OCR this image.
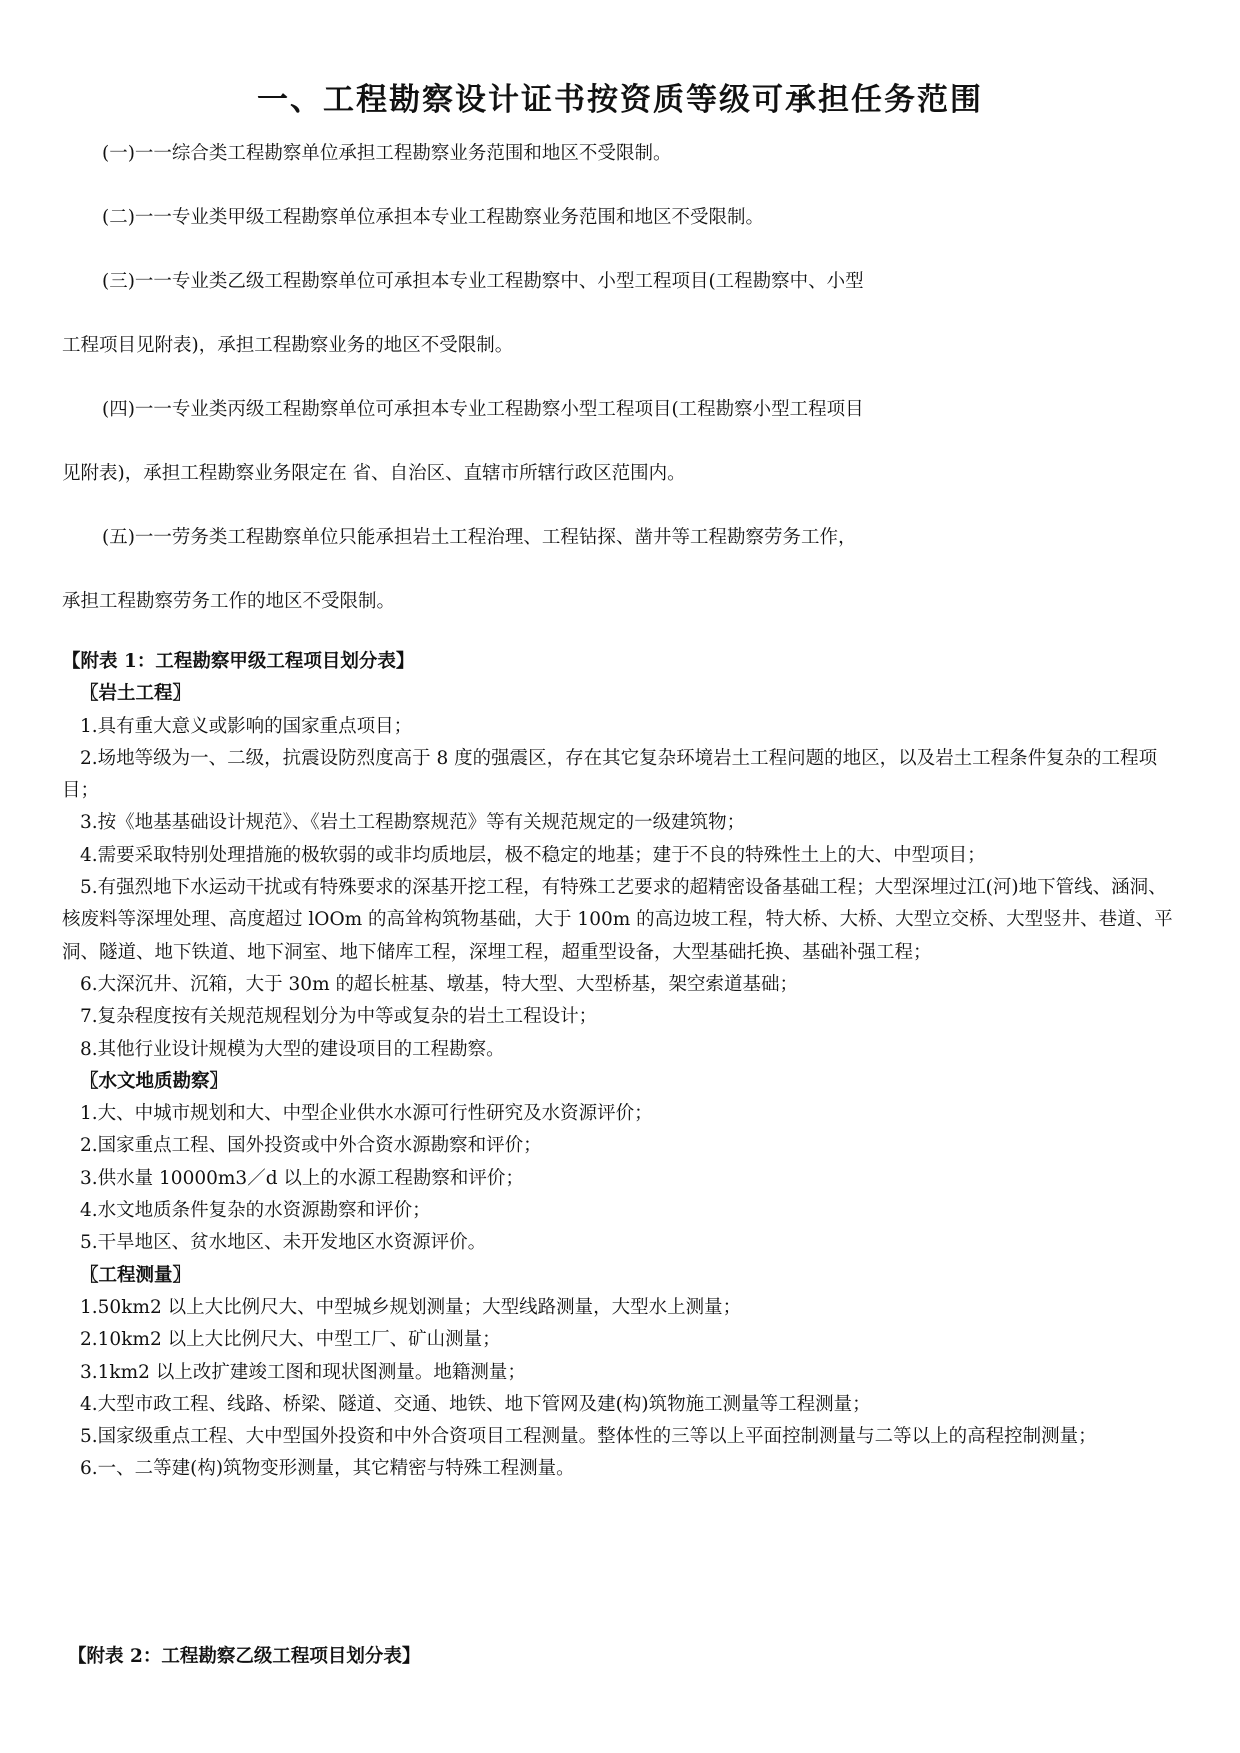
一、工程勘察设计证书按资质等级可承担任务范围

(一)一一综合类工程勘察单位承担工程勘察业务范围和地区不受限制。

(二)一一专业类甲级工程勘察单位承担本专业工程勘察业务范围和地区不受限制。

(三)一一专业类乙级工程勘察单位可承担本专业工程勘察中、小型工程项目(工程勘察中、小型

工程项目见附表)，承担工程勘察业务的地区不受限制。

(四)一一专业类丙级工程勘察单位可承担本专业工程勘察小型工程项目(工程勘察小型工程项目

见附表)，承担工程勘察业务限定在 省、自治区、直辖市所辖行政区范围内。

(五)一一劳务类工程勘察单位只能承担岩土工程治理、工程钻探、凿井等工程勘察劳务工作，

承担工程勘察劳务工作的地区不受限制。

【附表 1：工程勘察甲级工程项目划分表】

〖岩土工程〗

1.具有重大意义或影响的国家重点项目；

2.场地等级为一、二级，抗震设防烈度高于 8 度的强震区，存在其它复杂环境岩土工程问题的地区，以及岩土工程条件复杂的工程项目；

3.按《地基基础设计规范》、《岩土工程勘察规范》等有关规范规定的一级建筑物；

4.需要采取特别处理措施的极软弱的或非均质地层，极不稳定的地基；建于不良的特殊性土上的大、中型项目；

5.有强烈地下水运动干扰或有特殊要求的深基开挖工程，有特殊工艺要求的超精密设备基础工程；大型深埋过江(河)地下管线、涵洞、核废料等深埋处理、高度超过 lOOm 的高耸构筑物基础，大于 100m 的高边坡工程，特大桥、大桥、大型立交桥、大型竖井、巷道、平洞、隧道、地下铁道、地下洞室、地下储库工程，深埋工程，超重型设备，大型基础托换、基础补强工程；

6.大深沉井、沉箱，大于 30m 的超长桩基、墩基，特大型、大型桥基，架空索道基础；

7.复杂程度按有关规范规程划分为中等或复杂的岩土工程设计；

8.其他行业设计规模为大型的建设项目的工程勘察。

〖水文地质勘察〗

1.大、中城市规划和大、中型企业供水水源可行性研究及水资源评价；

2.国家重点工程、国外投资或中外合资水源勘察和评价；

3.供水量 10000m3／d 以上的水源工程勘察和评价；

4.水文地质条件复杂的水资源勘察和评价；

5.干旱地区、贫水地区、未开发地区水资源评价。

〖工程测量〗

1.50km2 以上大比例尺大、中型城乡规划测量；大型线路测量，大型水上测量；

2.10km2 以上大比例尺大、中型工厂、矿山测量；

3.1km2 以上改扩建竣工图和现状图测量。地籍测量；

4.大型市政工程、线路、桥梁、隧道、交通、地铁、地下管网及建(构)筑物施工测量等工程测量；

5.国家级重点工程、大中型国外投资和中外合资项目工程测量。整体性的三等以上平面控制测量与二等以上的高程控制测量；

6.一、二等建(构)筑物变形测量，其它精密与特殊工程测量。

【附表 2：工程勘察乙级工程项目划分表】
